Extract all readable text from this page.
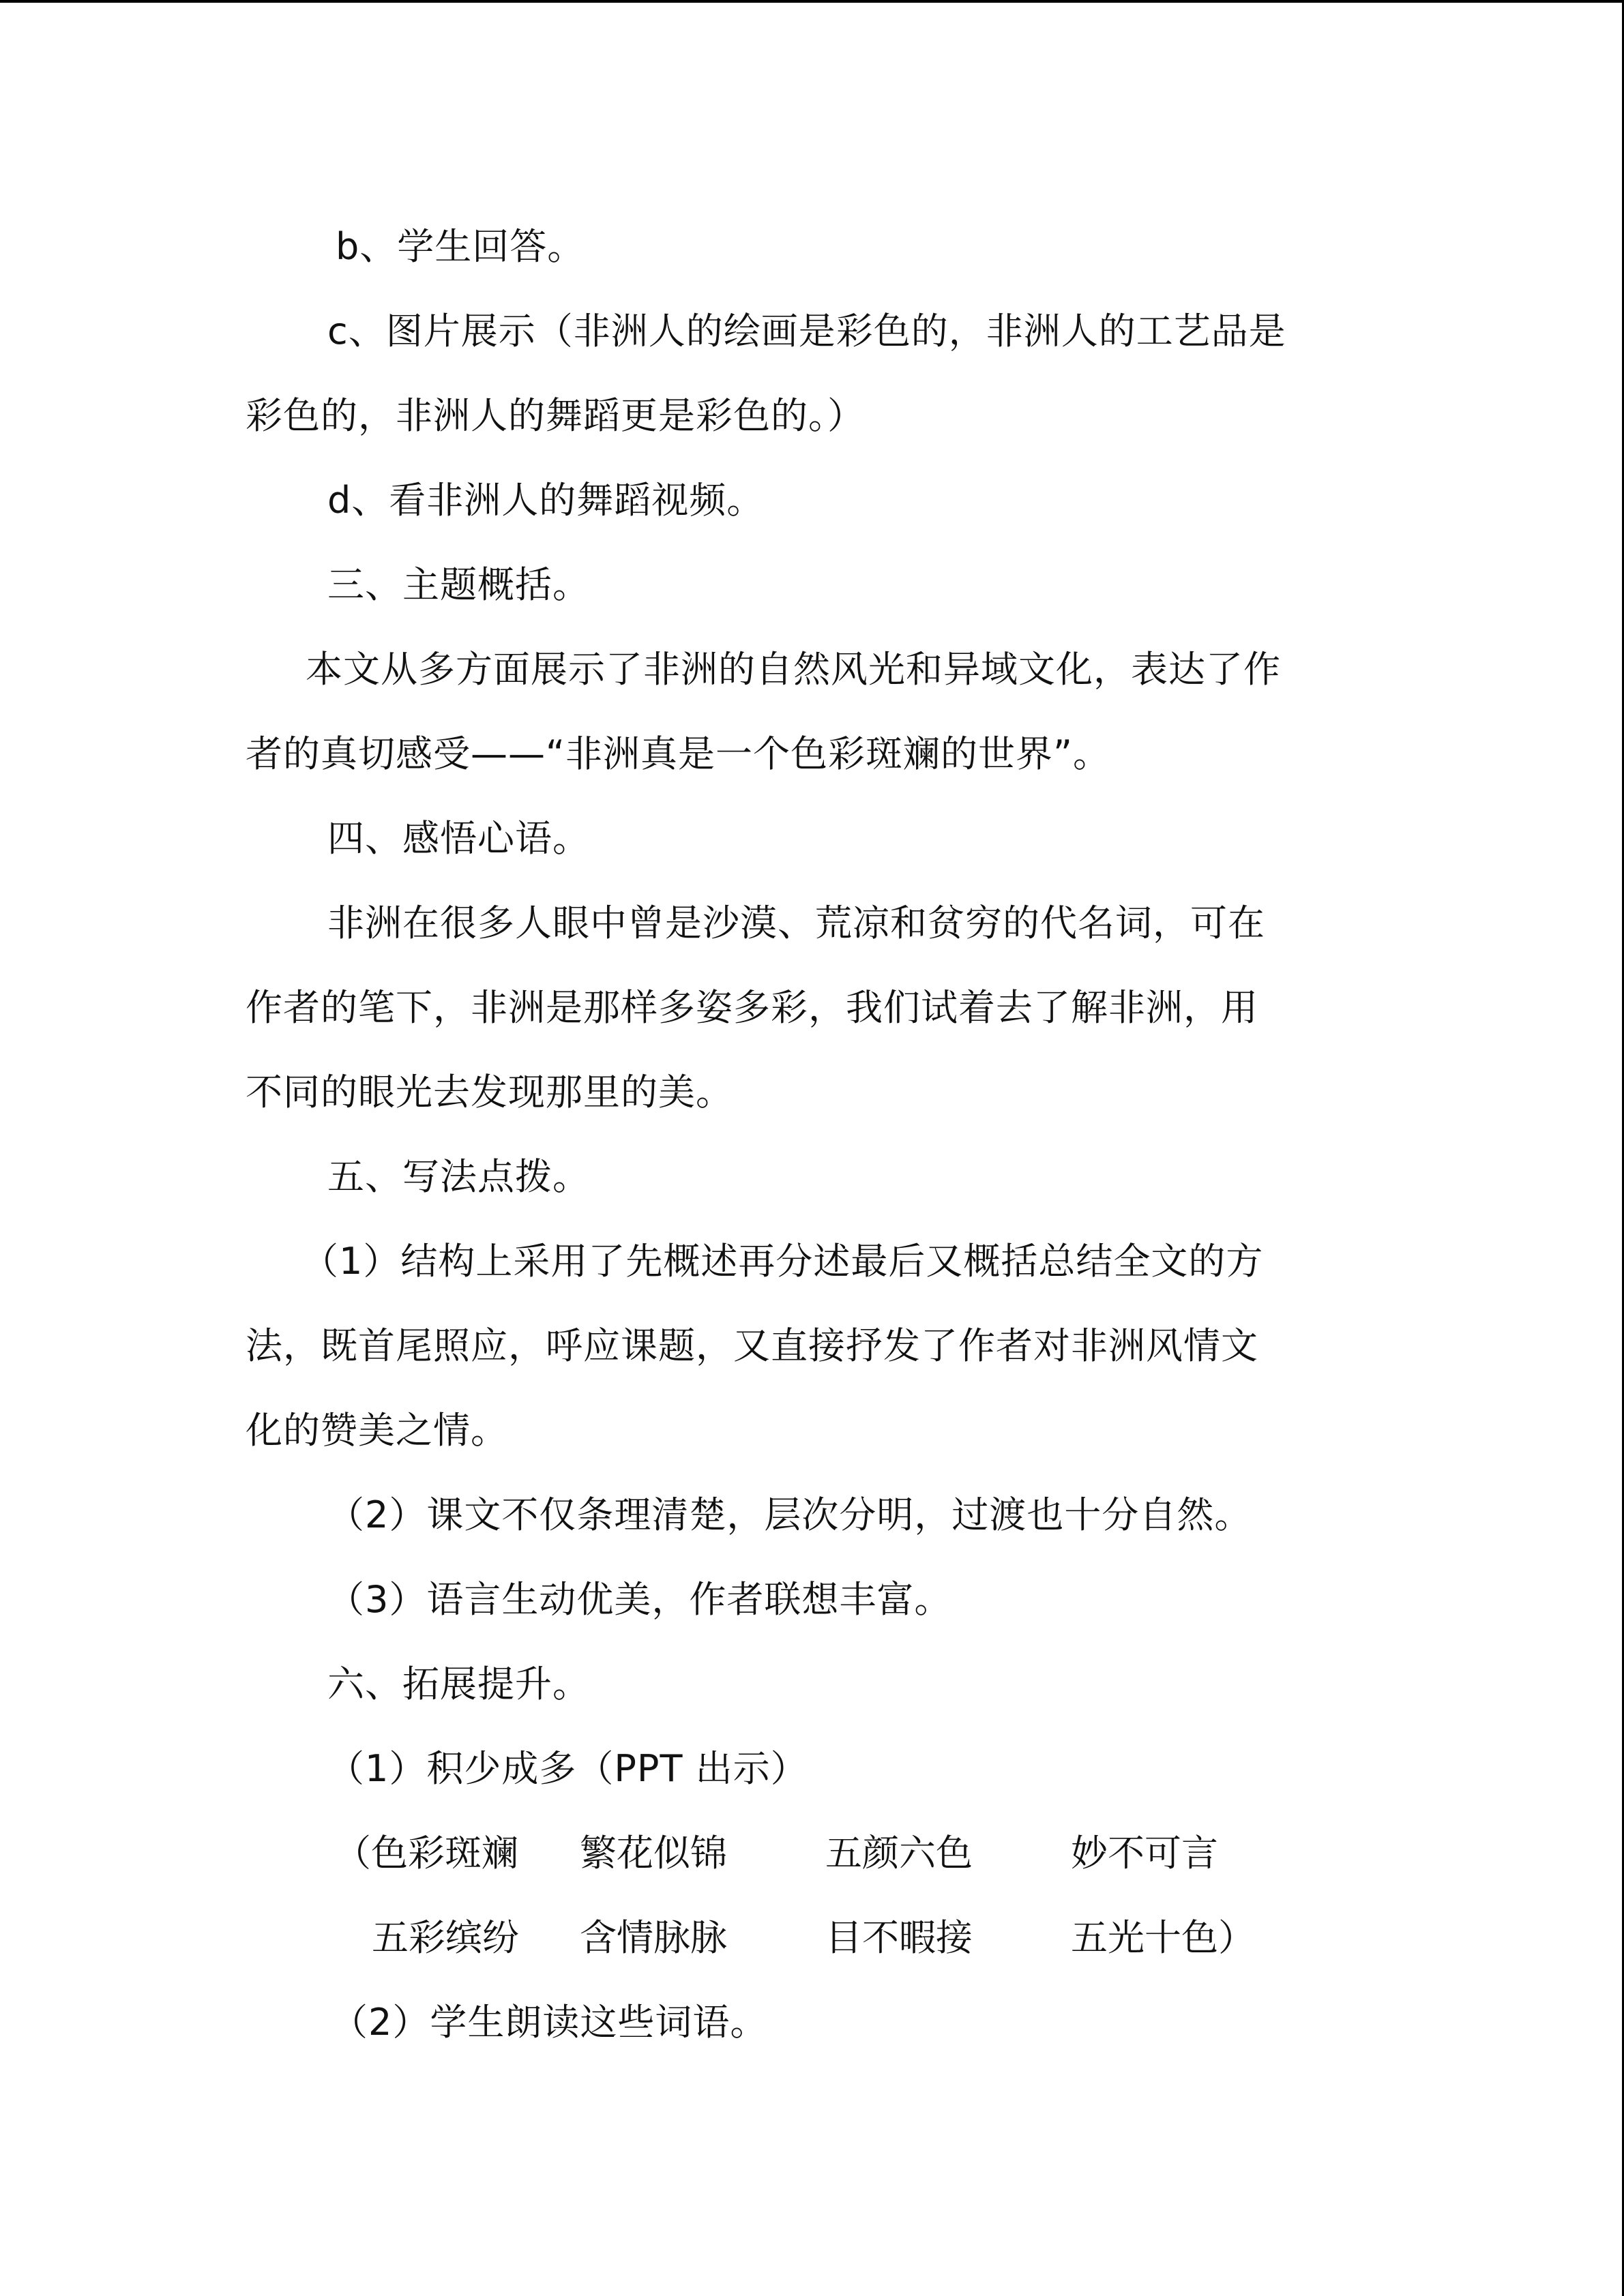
b、学生回答。
c、图片展示（非洲人的绘画是彩色的，非洲人的工艺品是
彩色的，非洲人的舞蹈更是彩色的。）
d、看非洲人的舞蹈视频。
三、主题概括。
本文从多方面展示了非洲的自然风光和异域文化，表达了作
者的真切感受——“非洲真是一个色彩斑斓的世界”。
四、感悟心语。
非洲在很多人眼中曾是沙漠、荒凉和贫穷的代名词，可在
作者的笔下，非洲是那样多姿多彩，我们试着去了解非洲，用
不同的眼光去发现那里的美。
五、写法点拨。
（1）结构上采用了先概述再分述最后又概括总结全文的方
法，既首尾照应，呼应课题，又直接抒发了作者对非洲风情文
化的赞美之情。
（2）课文不仅条理清楚，层次分明，过渡也十分自然。
（3）语言生动优美，作者联想丰富。
六、拓展提升。
（1）积少成多（PPT 出示）
（色彩斑斓	繁花似锦	五颜六色	妙不可言
五彩缤纷	含情脉脉	目不暇接	五光十色）
（2）学生朗读这些词语。
